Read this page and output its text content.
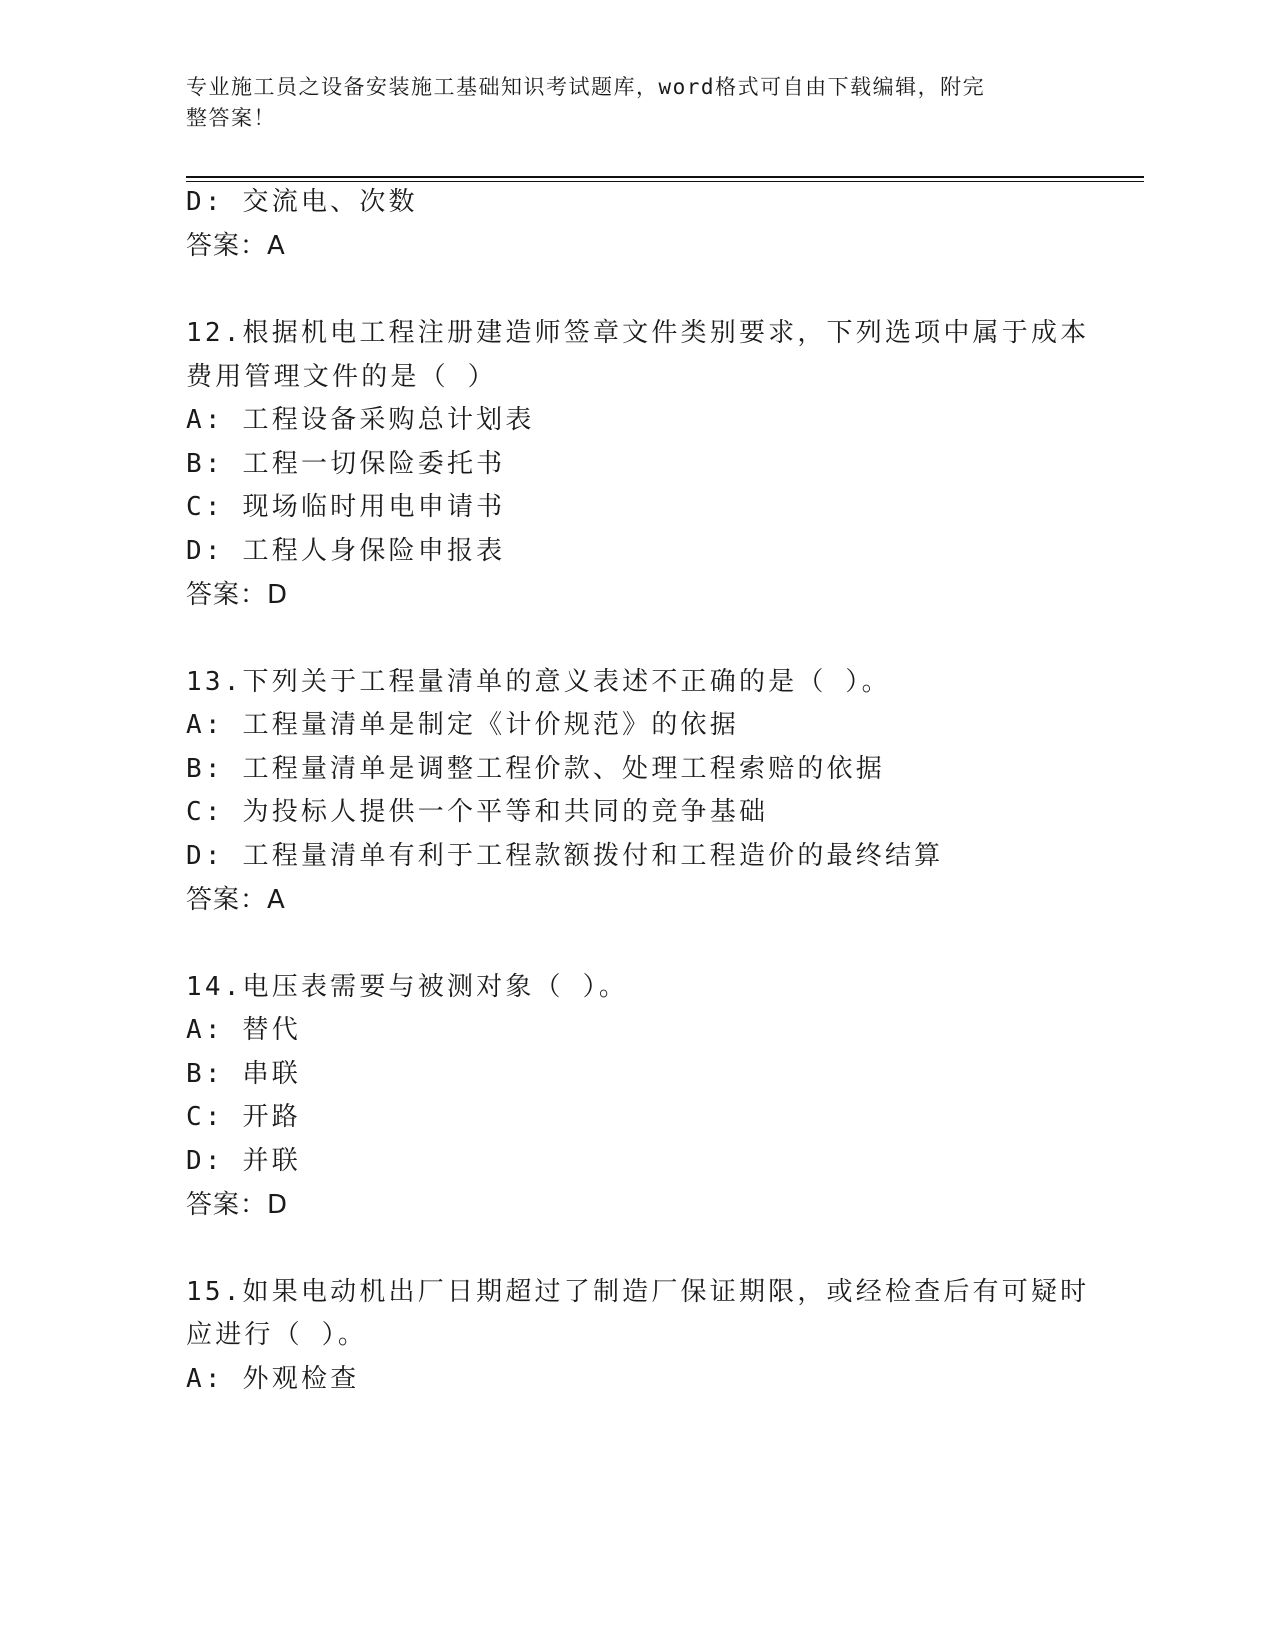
专业施工员之设备安装施工基础知识考试题库，word格式可自由下载编辑，附完
整答案！
D: 交流电、次数
答案：A
12.根据机电工程注册建造师签章文件类别要求，下列选项中属于成本
费用管理文件的是（ ）
A: 工程设备采购总计划表
B: 工程一切保险委托书
C: 现场临时用电申请书
D: 工程人身保险申报表
答案：D
13.下列关于工程量清单的意义表述不正确的是（ ）。
A: 工程量清单是制定《计价规范》的依据
B: 工程量清单是调整工程价款、处理工程索赔的依据
C: 为投标人提供一个平等和共同的竞争基础
D: 工程量清单有利于工程款额拨付和工程造价的最终结算
答案：A
14.电压表需要与被测对象（ ）。
A: 替代
B: 串联
C: 开路
D: 并联
答案：D
15.如果电动机出厂日期超过了制造厂保证期限，或经检查后有可疑时
应进行（ ）。
A: 外观检查
